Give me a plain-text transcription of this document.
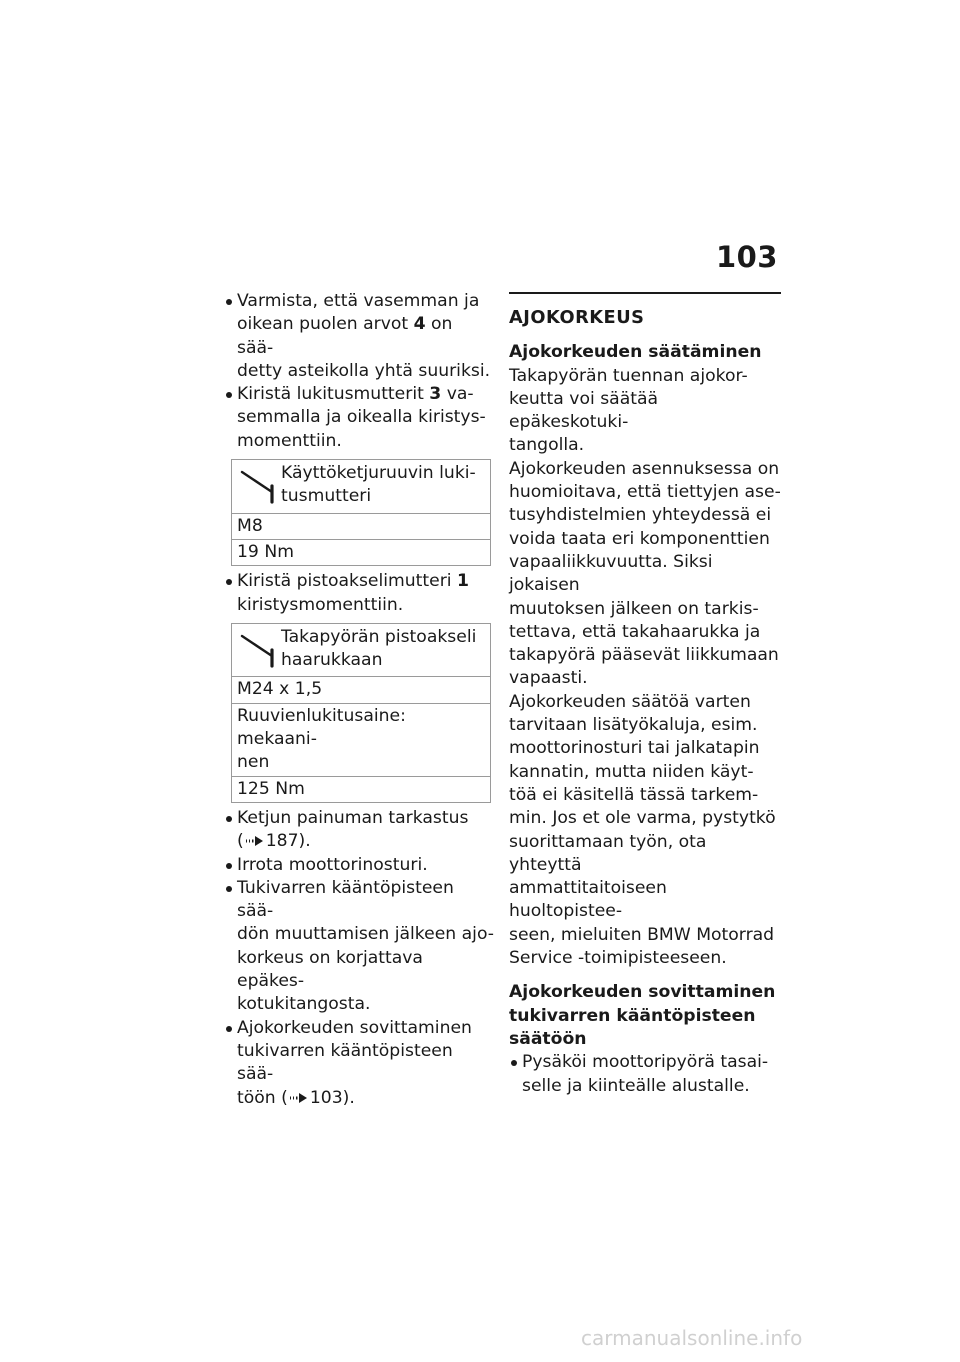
103

Varmista, että vasemman ja
oikean puolen arvot 4 on sää-
detty asteikolla yhtä suuriksi.

Kiristä lukitusmutterit 3 va-
semmalla ja oikealla kiristys-
momenttiin.

Käyttöketjuruuvin luki-
tusmutteri
M8
19 Nm

Kiristä pistoakselimutteri 1
kiristysmomenttiin.

Takapyörän pistoakseli
haarukkaan
M24 x 1,5
Ruuvienlukitusaine: mekaani-
nen
125 Nm

Ketjun painuman tarkastus
( 187).

Irrota moottorinosturi.

Tukivarren kääntöpisteen sää-
dön muuttamisen jälkeen ajo-
korkeus on korjattava epäkes-
kotukitangosta.

Ajokorkeuden sovittaminen
tukivarren kääntöpisteen sää-
töön ( 103).

AJOKORKEUS

Ajokorkeuden säätäminen

Takapyörän tuennan ajokor-
keutta voi säätää epäkeskotuki-
tangolla.

Ajokorkeuden asennuksessa on
huomioitava, että tiettyjen ase-
tusyhdistelmien yhteydessä ei
voida taata eri komponenttien
vapaaliikkuvuutta. Siksi jokaisen
muutoksen jälkeen on tarkis-
tettava, että takahaarukka ja
takapyörä pääsevät liikkumaan
vapaasti.

Ajokorkeuden säätöä varten
tarvitaan lisätyökaluja, esim.
moottorinosturi tai jalkatapin
kannatin, mutta niiden käyt-
töä ei käsitellä tässä tarkem-
min. Jos et ole varma, pystytkö
suorittamaan työn, ota yhteyttä
ammattitaitoiseen huoltopistee-
seen, mieluiten BMW Motorrad
Service -toimipisteeseen.

Ajokorkeuden sovittaminen
tukivarren kääntöpisteen
säätöön

Pysäköi moottoripyörä tasai-
selle ja kiinteälle alustalle.

carmanualsonline.info
